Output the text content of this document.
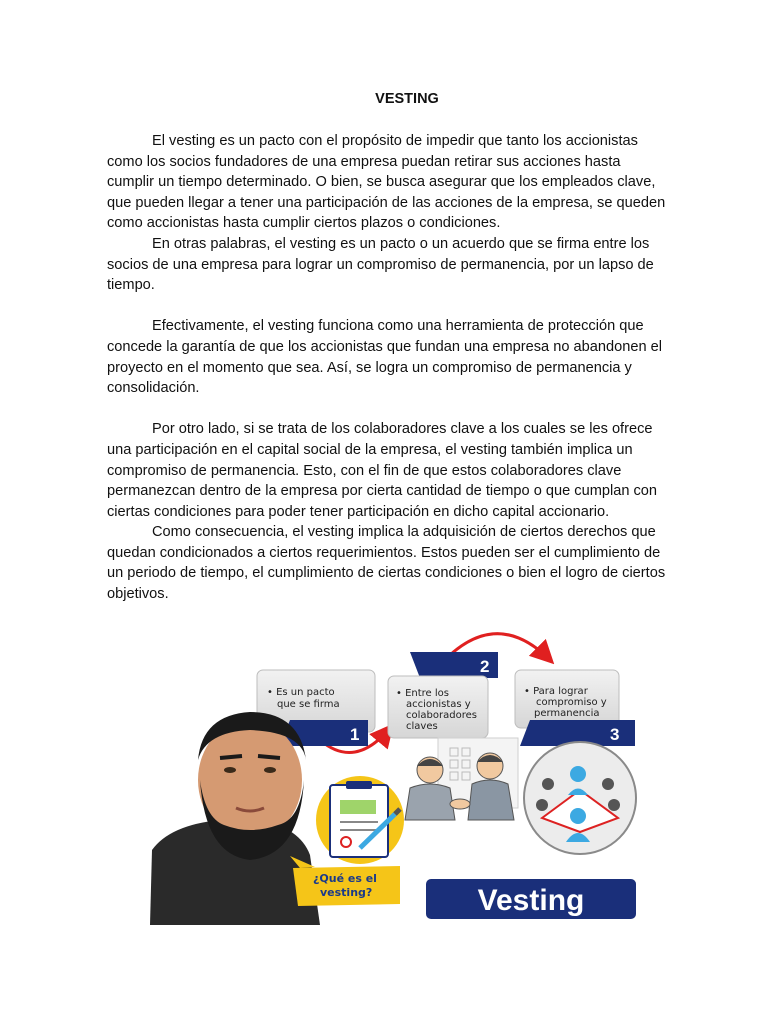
VESTING

El vesting es un pacto con el propósito de impedir que tanto los accionistas como los socios fundadores de una empresa puedan retirar sus acciones hasta cumplir un tiempo determinado. O bien, se busca asegurar que los empleados clave, que pueden llegar a tener una participación de las acciones de la empresa, se queden como accionistas hasta cumplir ciertos plazos o condiciones.

En otras palabras, el vesting es un pacto o un acuerdo que se firma entre los socios de una empresa para lograr un compromiso de permanencia, por un lapso de tiempo.

Efectivamente, el vesting funciona como una herramienta de protección que concede la garantía de que los accionistas que fundan una empresa no abandonen el proyecto en el momento que sea. Así, se logra un compromiso de permanencia y consolidación.

Por otro lado, si se trata de los colaboradores clave a los cuales se les ofrece una participación en el capital social de la empresa, el vesting también implica un compromiso de permanencia. Esto, con el fin de que estos colaboradores clave permanezcan dentro de la empresa por cierta cantidad de tiempo o que cumplan con ciertas condiciones para poder tener participación en dicho capital accionario.

Como consecuencia, el vesting implica la adquisición de ciertos derechos que quedan condicionados a ciertos requerimientos. Estos pueden ser el cumplimiento de un periodo de tiempo, el cumplimiento de ciertas condiciones o bien el logro de ciertos objetivos.

• Es un pacto
que se firma
1
2
• Entre los
accionistas y
colaboradores
claves
• Para lograr
compromiso y
permanencia
3
¿Qué es el
vesting?	Vesting
